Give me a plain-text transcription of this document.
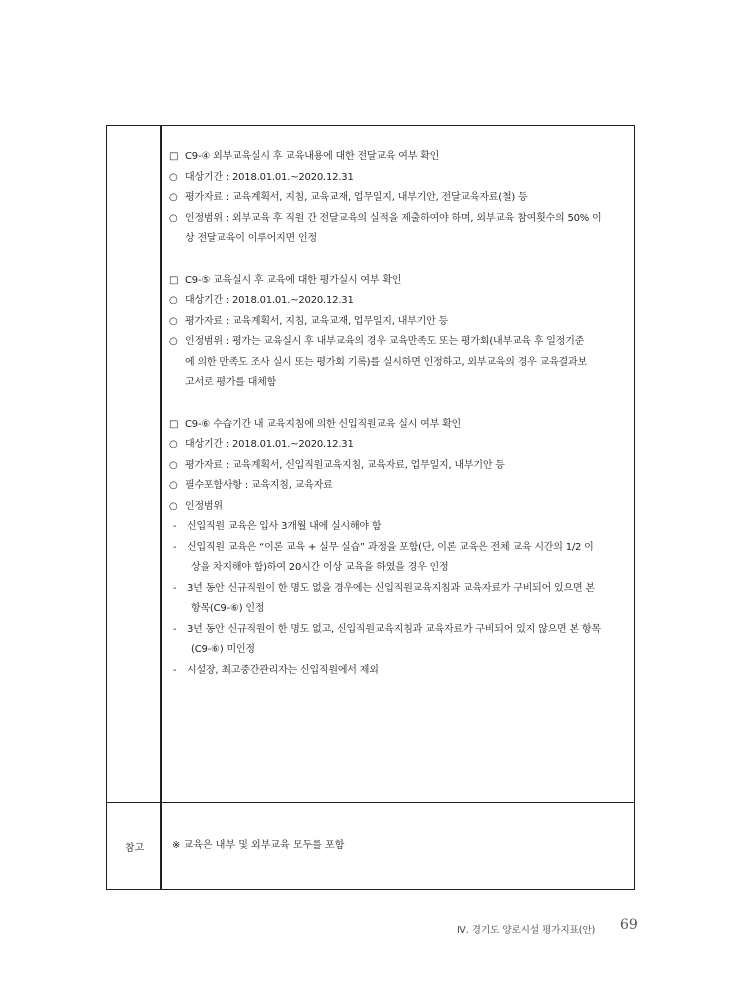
□ C9-④ 외부교육실시 후 교육내용에 대한 전달교육 여부 확인
○ 대상기간 : 2018.01.01.~2020.12.31
○ 평가자료 : 교육계획서, 지침, 교육교재, 업무일지, 내부기안, 전달교육자료(철) 등
○ 인정범위 : 외부교육 후 직원 간 전달교육의 실적을 제출하여야 하며, 외부교육 참여횟수의 50% 이
상 전달교육이 이루어지면 인정
□ C9-⑤ 교육실시 후 교육에 대한 평가실시 여부 확인
○ 대상기간 : 2018.01.01.~2020.12.31
○ 평가자료 : 교육계획서, 지침, 교육교재, 업무일지, 내부기안 등
○ 인정범위 : 평가는 교육실시 후 내부교육의 경우 교육만족도 또는 평가회(내부교육 후 일정기준
에 의한 만족도 조사 실시 또는 평가회 기록)를 실시하면 인정하고, 외부교육의 경우 교육결과보
고서로 평가를 대체함
□ C9-⑥ 수습기간 내 교육지침에 의한 신입직원교육 실시 여부 확인
○ 대상기간 : 2018.01.01.~2020.12.31
○ 평가자료 : 교육계획서, 신입직원교육지침, 교육자료, 업무일지, 내부기안 등
○ 필수포함사항 : 교육지침, 교육자료
○ 인정범위
- 신입직원 교육은 입사 3개월 내에 실시해야 함
- 신입직원 교육은 “이론 교육 + 실무 실습” 과정을 포함(단, 이론 교육은 전체 교육 시간의 1/2 이
상을 차지해야 함)하여 20시간 이상 교육을 하였을 경우 인정
- 3년 동안 신규직원이 한 명도 없을 경우에는 신입직원교육지침과 교육자료가 구비되어 있으면 본
항목(C9-⑥) 인정
- 3년 동안 신규직원이 한 명도 없고, 신입직원교육지침과 교육자료가 구비되어 있지 않으면 본 항목
(C9-⑥) 미인정
- 시설장, 최고중간관리자는 신입직원에서 제외
참고	※ 교육은 내부 및 외부교육 모두를 포함
Ⅳ. 경기도 양로시설 평가지표(안) 69
